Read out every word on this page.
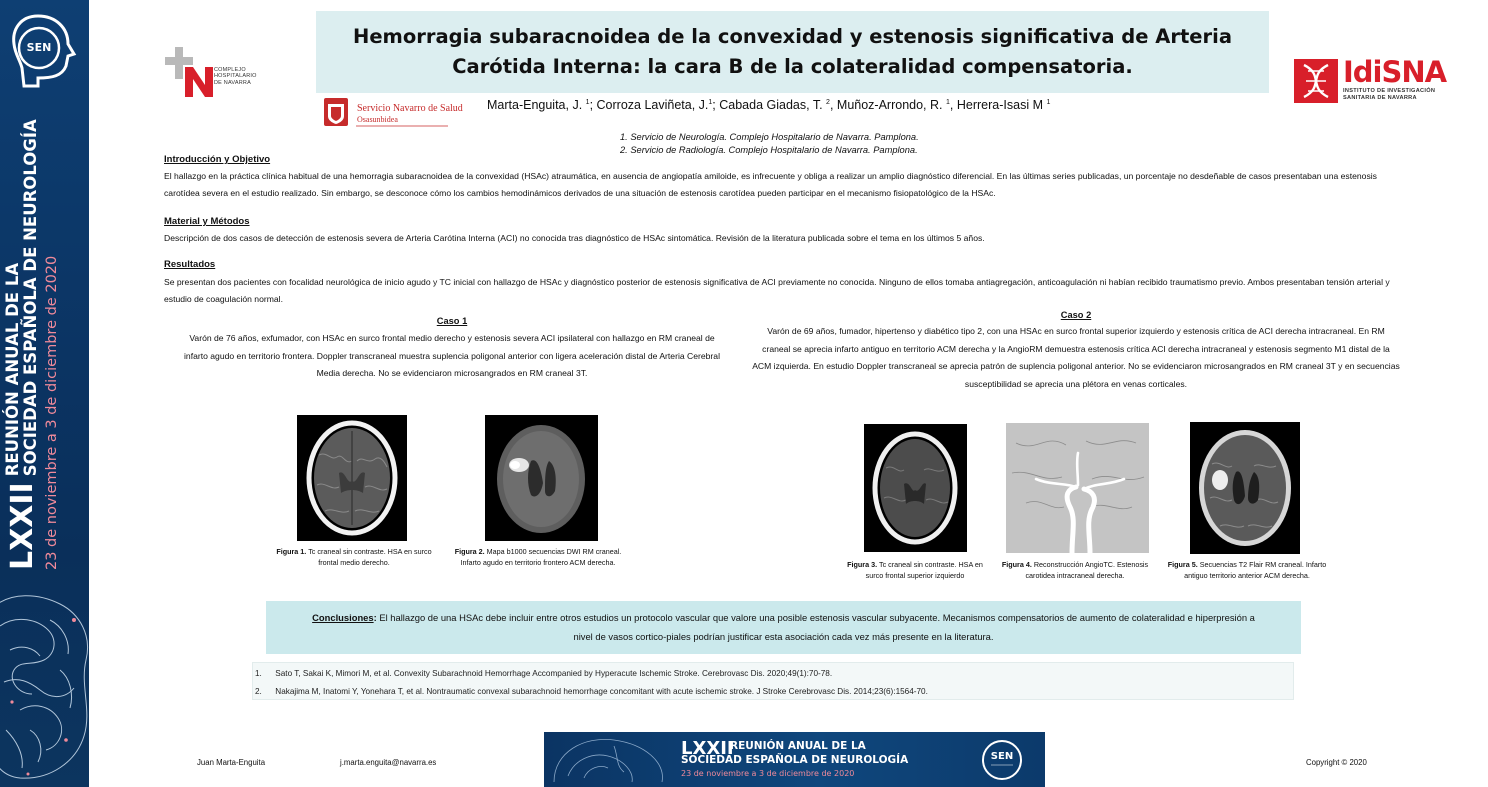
SEN
LXXII
REUNIÓN ANUAL DE LA
SOCIEDAD ESPAÑOLA DE NEUROLOGÍA 23 de noviembre a 3 de diciembre de 2020
COMPLEJO
HOSPITALARIO
DE NAVARRA
Hemorragia subaracnoidea de la convexidad y estenosis significativa de Arteria Carótida Interna: la cara B de la colateralidad compensatoria.	IdiSNA
INSTITUTO DE INVESTIGACIÓN
SANITARIA DE NAVARRA
Servicio Navarro de Salud
Osasunbidea
Marta-Enguita, J. $^1$; Corroza Laviñeta, J.$^1$; Cabada Giadas, T. $^2$, Muñoz-Arrondo, R. $^1$, Herrera-Isasi M $^1$
1. Servicio de Neurología. Complejo Hospitalario de Navarra. Pamplona.
2. Servicio de Radiología. Complejo Hospitalario de Navarra. Pamplona.
Introducción y Objetivo
El hallazgo en la práctica clínica habitual de una hemorragia subaracnoidea de la convexidad (HSAc) atraumática, en ausencia de angiopatía amiloide, es infrecuente y obliga a realizar un amplio diagnóstico diferencial. En las últimas series publicadas, un porcentaje no desdeñable de casos presentaban una estenosis carotídea severa en el estudio realizado. Sin embargo, se desconoce cómo los cambios hemodinámicos derivados de una situación de estenosis carotídea pueden participar en el mecanismo fisiopatológico de la HSAc.
Material y Métodos
Descripción de dos casos de detección de estenosis severa de Arteria Carótina Interna (ACI) no conocida tras diagnóstico de HSAc sintomática. Revisión de la literatura publicada sobre el tema en los últimos 5 años.
Resultados
Se presentan dos pacientes con focalidad neurológica de inicio agudo y TC inicial con hallazgo de HSAc y diagnóstico posterior de estenosis significativa de ACI previamente no conocida. Ninguno de ellos tomaba antiagregación, anticoagulación ni habían recibido traumatismo previo. Ambos presentaban tensión arterial y estudio de coagulación normal.
Caso 1
Varón de 76 años, exfumador, con HSAc en surco frontal medio derecho y estenosis severa ACI ipsilateral con hallazgo en RM craneal de infarto agudo en territorio frontera. Doppler transcraneal muestra suplencia poligonal anterior con ligera aceleración distal de Arteria Cerebral Media derecha. No se evidenciaron microsangrados en RM craneal 3T.
Figura 1. Tc craneal sin contraste. HSA en surco frontal medio derecho.
Figura 2. Mapa b1000 secuencias DWI RM craneal. Infarto agudo en territorio frontero ACM derecha.
Caso 2
Varón de 69 años, fumador, hipertenso y diabético tipo 2, con una HSAc en surco frontal superior izquierdo y estenosis crítica de ACI derecha intracraneal. En RM craneal se aprecia infarto antiguo en territorio ACM derecha y la AngioRM demuestra estenosis crítica ACI derecha intracraneal y estenosis segmento M1 distal de la ACM izquierda. En estudio Doppler transcraneal se aprecia patrón de suplencia poligonal anterior. No se evidenciaron microsangrados en RM craneal 3T y en secuencias susceptibilidad se aprecia una plétora en venas corticales.
Figura 3. Tc craneal sin contraste. HSA en surco frontal superior izquierdo
Figura 4. Reconstrucción AngioTC. Estenosis carotidea intracraneal derecha.
Figura 5. Secuencias T2 Flair RM craneal. Infarto antiguo territorio anterior ACM derecha.
Conclusiones: El hallazgo de una HSAc debe incluir entre otros estudios un protocolo vascular que valore una posible estenosis vascular subyacente. Mecanismos compensatorios de aumento de colateralidad e hiperpresión a nivel de vasos cortico-piales podrían justificar esta asociación cada vez más presente en la literatura.
1. Sato T, Sakai K, Mimori M, et al. Convexity Subarachnoid Hemorrhage Accompanied by Hyperacute Ischemic Stroke. Cerebrovasc Dis. 2020;49(1):70-78.
2. Nakajima M, Inatomi Y, Yonehara T, et al. Nontraumatic convexal subarachnoid hemorrhage concomitant with acute ischemic stroke. J Stroke Cerebrovasc Dis. 2014;23(6):1564-70.
Juan Marta-Enguita	j.marta.enguita@navarra.es	Copyright © 2020
LXXII
REUNIÓN ANUAL DE LA
SOCIEDAD ESPAÑOLA DE NEUROLOGÍA
23 de noviembre a 3 de diciembre de 2020
SEN
